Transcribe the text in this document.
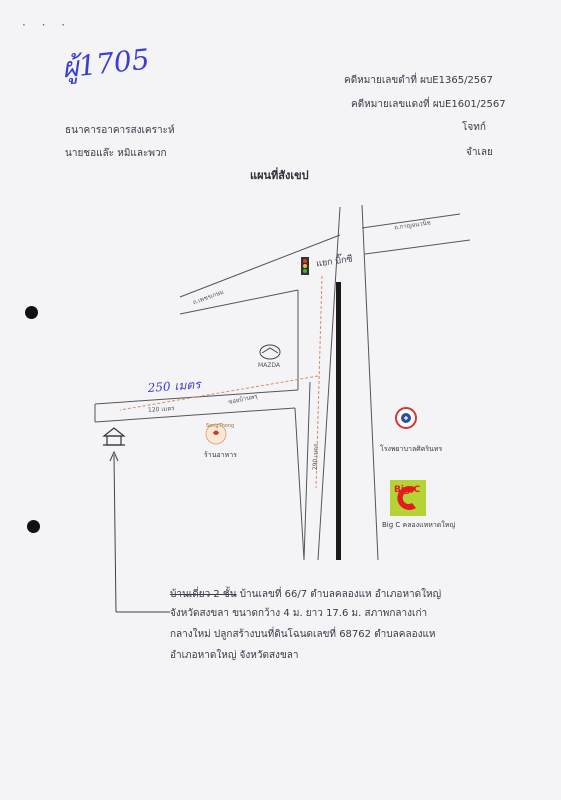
ผู้1705
· · ·
คดีหมายเลขดำที่ ผบE1365/2567
คดีหมายเลขแดงที่ ผบE1601/2567
ธนาคารอาคารสงเคราะห์	โจทก์
นายชอแล๊ะ หมิและพวก	จำเลย
แผนที่สังเขป
Big C
250 เมตร
แยก บิ๊กซี
ถ.เพชรเกษม
ถ.กาญจนวนิช
ซอยบ้านพรุ
290 เมตร
120 เมตร
MAZDA
SongThong
ร้านอาหาร
โรงพยาบาลศิครินทร
Big C คลองแหหาดใหญ่
บ้านเดี่ยว 2 ชั้น บ้านเลขที่ 66/7 ตำบลคลองแห อำเภอหาดใหญ่
จังหวัดสงขลา ขนาดกว้าง 4 ม. ยาว 17.6 ม. สภาพกลางเก่า
กลางใหม่ ปลูกสร้างบนที่ดินโฉนดเลขที่ 68762 ตำบลคลองแห
อำเภอหาดใหญ่ จังหวัดสงขลา
